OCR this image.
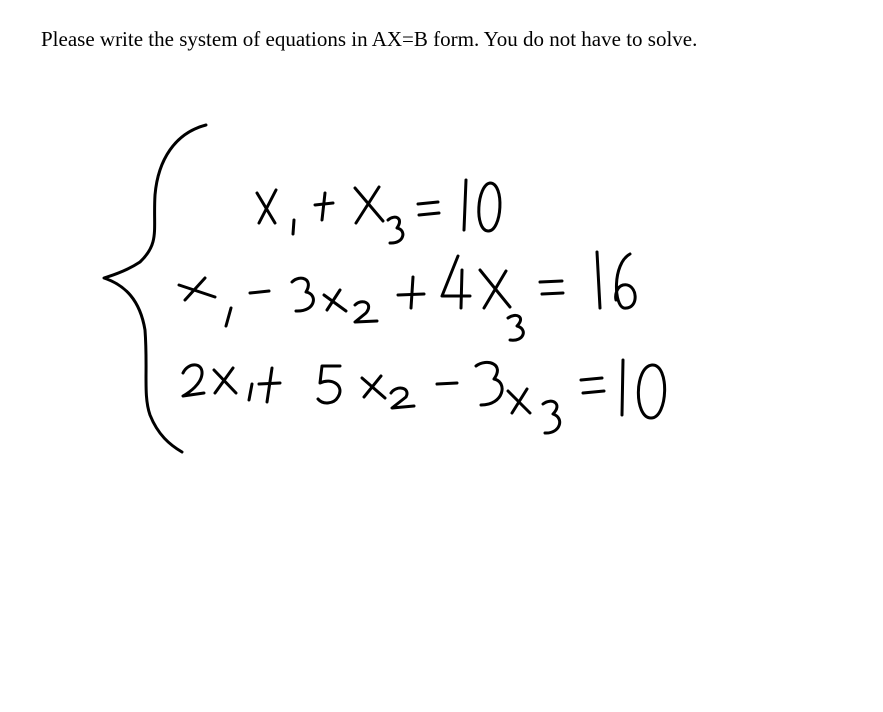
Please write the system of equations in AX=B form. You do not have to solve.
